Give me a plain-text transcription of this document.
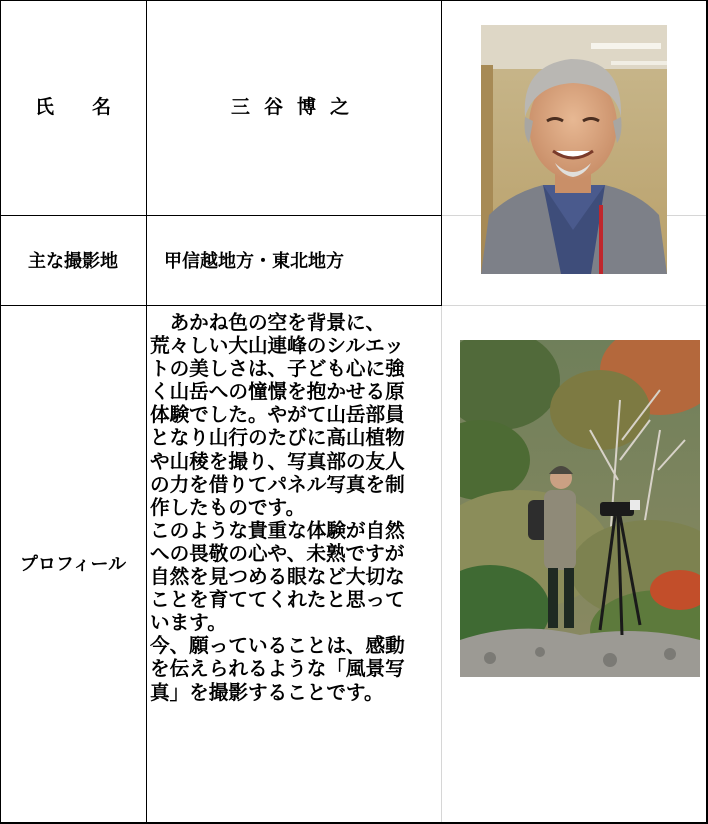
氏 名	三谷博之
主な撮影地	甲信越地方・東北地方
プロフィール
　あかね色の空を背景に、
荒々しい大山連峰のシルエッ
トの美しさは、子ども心に強
く山岳への憧憬を抱かせる原
体験でした。やがて山岳部員
となり山行のたびに高山植物
や山稜を撮り、写真部の友人
の力を借りてパネル写真を制
作したものです。
このような貴重な体験が自然
への畏敬の心や、未熟ですが
自然を見つめる眼など大切な
ことを育ててくれたと思って
います。
今、願っていることは、感動
を伝えられるような「風景写
真」を撮影することです。
